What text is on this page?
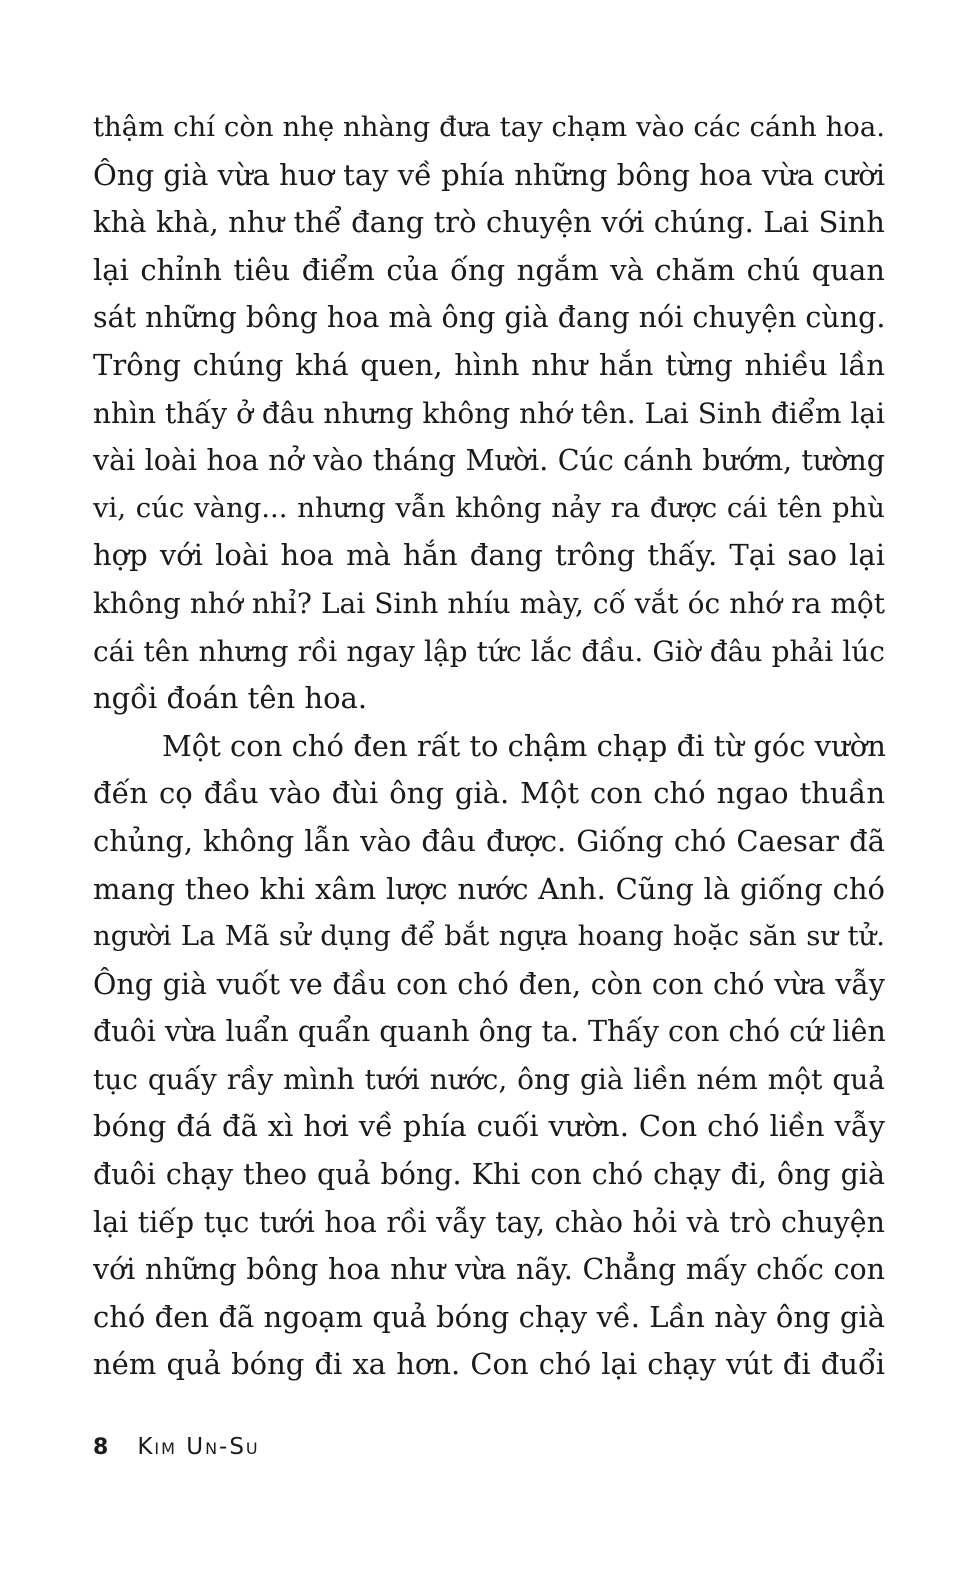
thậm chí còn nhẹ nhàng đưa tay chạm vào các cánh hoa.
Ông già vừa huơ tay về phía những bông hoa vừa cười
khà khà, như thể đang trò chuyện với chúng. Lai Sinh
lại chỉnh tiêu điểm của ống ngắm và chăm chú quan
sát những bông hoa mà ông già đang nói chuyện cùng.
Trông chúng khá quen, hình như hắn từng nhiều lần
nhìn thấy ở đâu nhưng không nhớ tên. Lai Sinh điểm lại
vài loài hoa nở vào tháng Mười. Cúc cánh bướm, tường
vi, cúc vàng... nhưng vẫn không nảy ra được cái tên phù
hợp với loài hoa mà hắn đang trông thấy. Tại sao lại
không nhớ nhỉ? Lai Sinh nhíu mày, cố vắt óc nhớ ra một
cái tên nhưng rồi ngay lập tức lắc đầu. Giờ đâu phải lúc
ngồi đoán tên hoa.
Một con chó đen rất to chậm chạp đi từ góc vườn
đến cọ đầu vào đùi ông già. Một con chó ngao thuần
chủng, không lẫn vào đâu được. Giống chó Caesar đã
mang theo khi xâm lược nước Anh. Cũng là giống chó
người La Mã sử dụng để bắt ngựa hoang hoặc săn sư tử.
Ông già vuốt ve đầu con chó đen, còn con chó vừa vẫy
đuôi vừa luẩn quẩn quanh ông ta. Thấy con chó cứ liên
tục quấy rầy mình tưới nước, ông già liền ném một quả
bóng đá đã xì hơi về phía cuối vườn. Con chó liền vẫy
đuôi chạy theo quả bóng. Khi con chó chạy đi, ông già
lại tiếp tục tưới hoa rồi vẫy tay, chào hỏi và trò chuyện
với những bông hoa như vừa nãy. Chẳng mấy chốc con
chó đen đã ngoạm quả bóng chạy về. Lần này ông già
ném quả bóng đi xa hơn. Con chó lại chạy vút đi đuổi
8 Kim Un-Su
